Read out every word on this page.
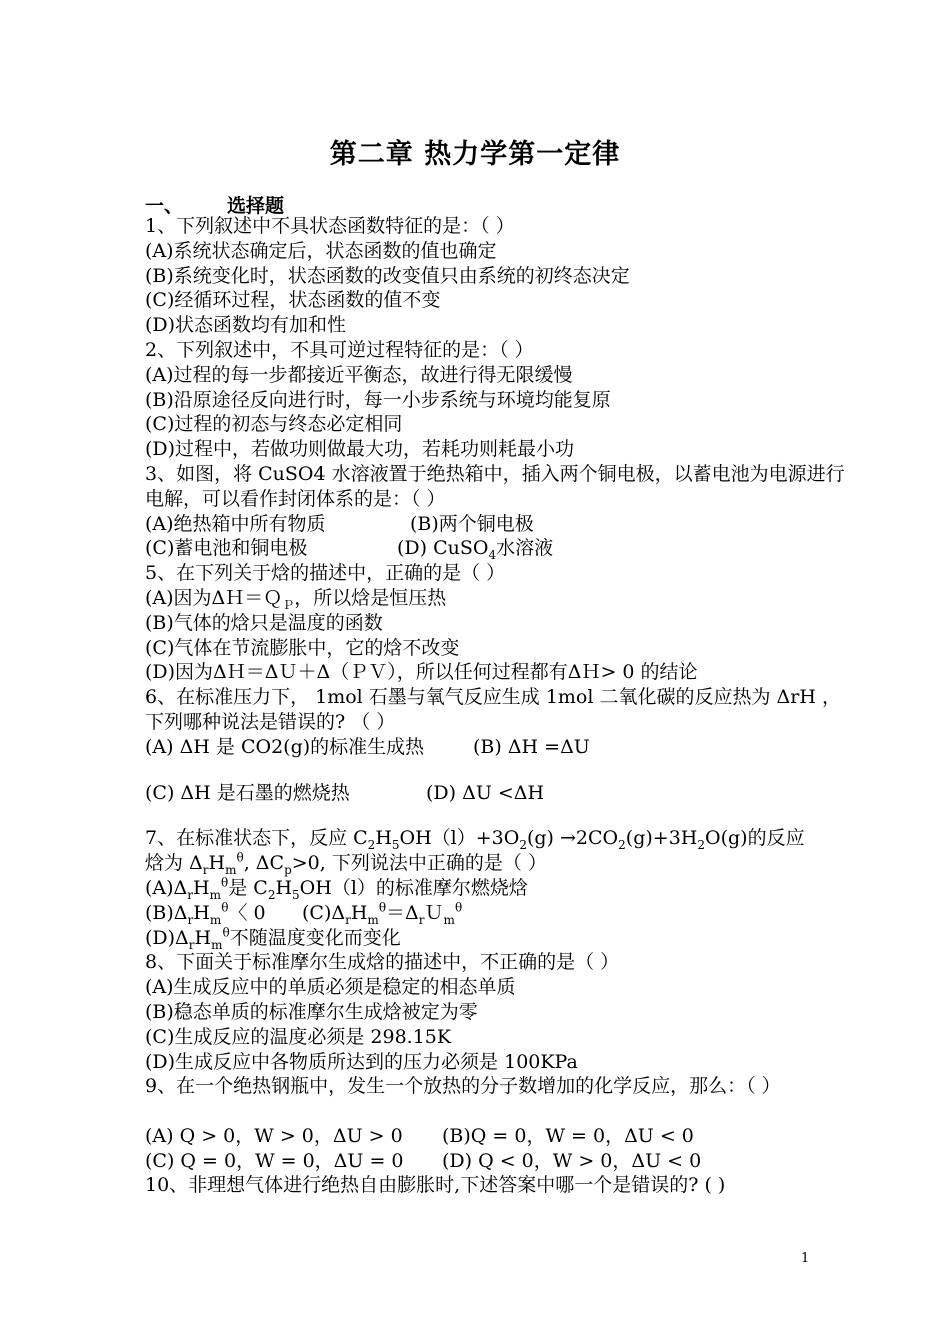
第二章 热力学第一定律
一、 选择题
1、下列叙述中不具状态函数特征的是：（ ）
(A)系统状态确定后，状态函数的值也确定
(B)系统变化时，状态函数的改变值只由系统的初终态决定
(C)经循环过程，状态函数的值不变
(D)状态函数均有加和性
2、下列叙述中，不具可逆过程特征的是：（ ）
(A)过程的每一步都接近平衡态，故进行得无限缓慢
(B)沿原途径反向进行时，每一小步系统与环境均能复原
(C)过程的初态与终态必定相同
(D)过程中，若做功则做最大功，若耗功则耗最小功
3、如图，将 CuSO4 水溶液置于绝热箱中，插入两个铜电极，以蓄电池为电源进行电解，可以看作封闭体系的是：（ ）
(A)绝热箱中所有物质	(B)两个铜电极
(C)蓄电池和铜电极	(D) CuSO$_4$水溶液
5、在下列关于焓的描述中，正确的是（ ）
(A)因为ΔＨ＝Ｑ$_P$，所以焓是恒压热
(B)气体的焓只是温度的函数
(C)气体在节流膨胀中，它的焓不改变
(D)因为ΔＨ＝ΔＵ＋Δ（ＰＶ），所以任何过程都有ΔＨ> 0 的结论
6、在标准压力下， 1mol 石墨与氧气反应生成 1mol 二氧化碳的反应热为 ΔrH ，下列哪种说法是错误的? （ ）
(A) ΔH 是 CO2(g)的标准生成热	(B) ΔH =ΔU
(C) ΔH 是石墨的燃烧热	(D) ΔU <ΔH
7、在标准状态下，反应 $C_2H_5OH(l)+3O_2(g) \to 2CO_2(g)+3H_2O(g)$的反应
焓为 $\Delta_rH_m^\theta$, $\Delta C_p>0$, 下列说法中正确的是（ ）
$(A)\Delta_rH_m^\theta$是 $C_2H_5OH(l)$的标准摩尔燃烧焓
$(B)\Delta_rH_m^\theta$〈 0 $(C)\Delta_rH_m^\theta=\Delta_rU_m^\theta$
$(D)\Delta_rH_m^\theta$不随温度变化而变化
8、下面关于标准摩尔生成焓的描述中，不正确的是（ ）
(A)生成反应中的单质必须是稳定的相态单质
(B)稳态单质的标准摩尔生成焓被定为零
(C)生成反应的温度必须是 298.15K
(D)生成反应中各物质所达到的压力必须是 100KPa
9、在一个绝热钢瓶中，发生一个放热的分子数增加的化学反应，那么：（ ）
(A) Q > 0，W > 0，ΔU > 0 (B)Q = 0，W = 0，ΔU < 0
(C) Q = 0，W = 0，ΔU = 0 (D) Q < 0，W > 0，ΔU < 0
10、非理想气体进行绝热自由膨胀时,下述答案中哪一个是错误的? ( )
1
